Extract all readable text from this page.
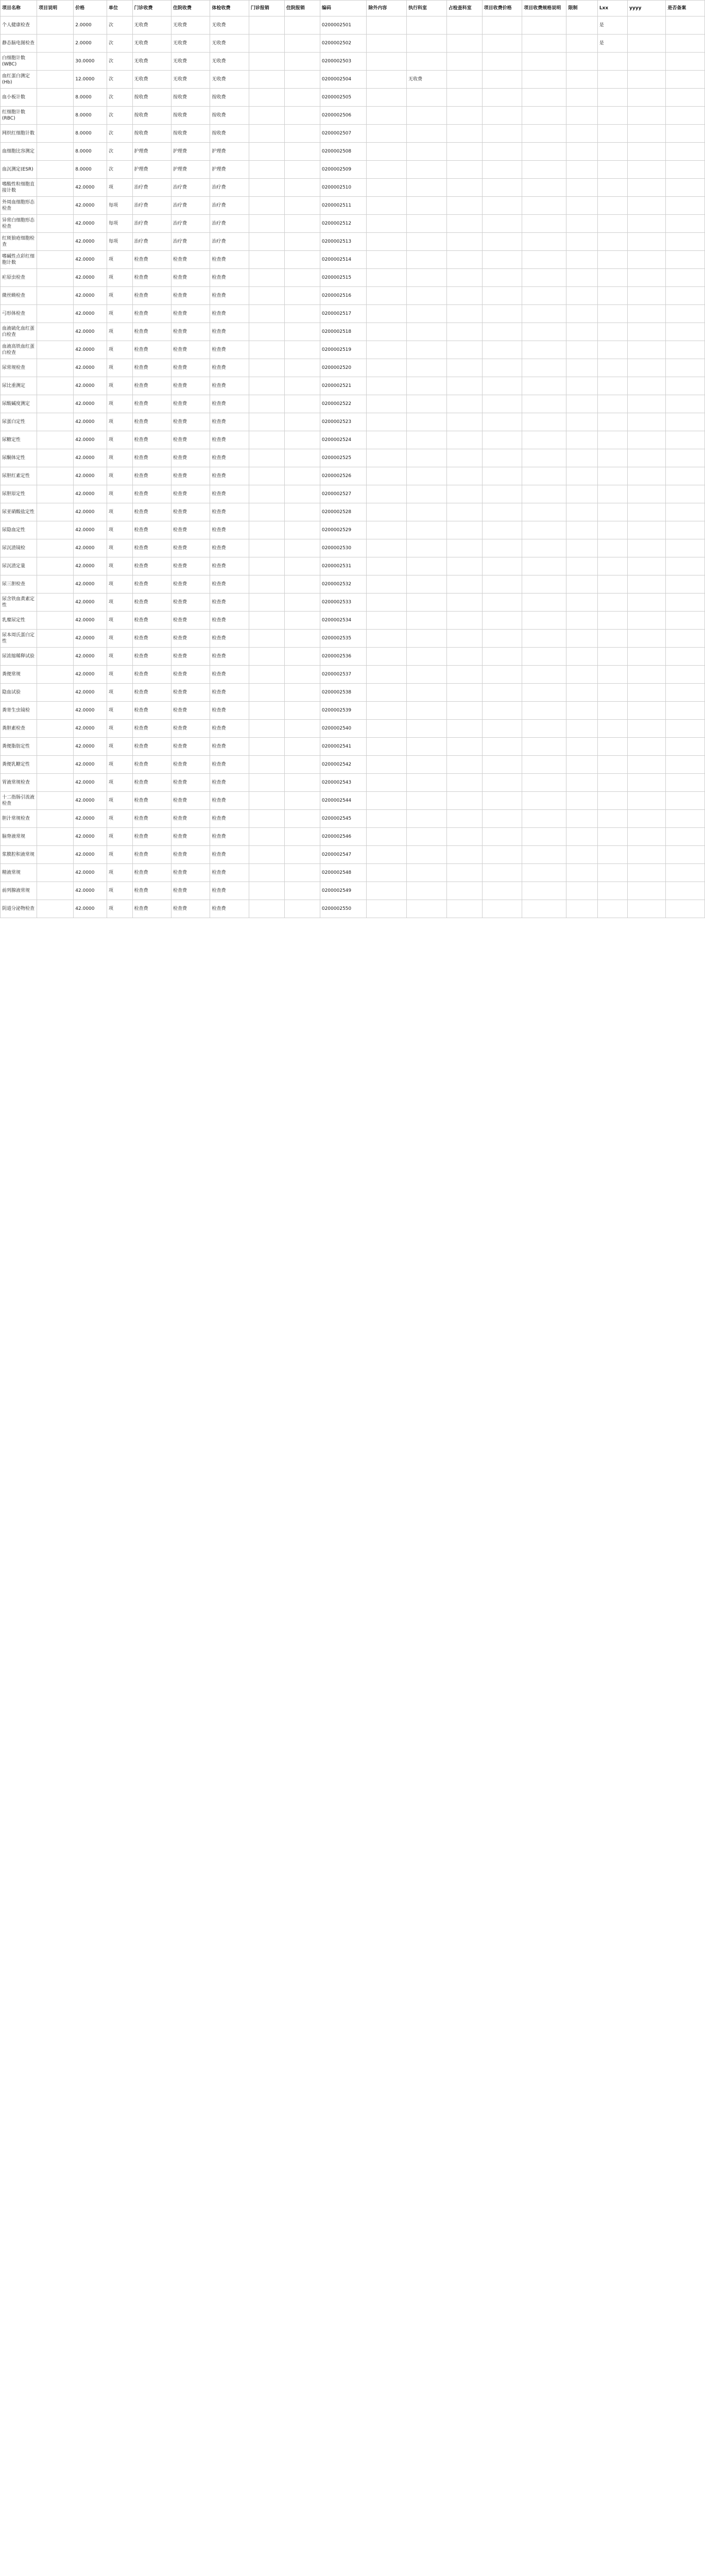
项目名称	项目说明	价格	单位	门诊收费	住院收费	体检收费	门诊报销	住院报销	编码	除外内容	执行科室	占检查科室	项目收费价格	项目收费规格说明	限制	Lxx	yyyy	是否备案
个人健康检查		2.0000	次	无收费	无收费	无收费			0200002501							是		
静态脑电图检查		2.0000	次	无收费	无收费	无收费			0200002502							是		
白细胞计数(WBC)		30.0000	次	无收费	无收费	无收费			0200002503									
血红蛋白测定(Hb)		12.0000	次	无收费	无收费	无收费			0200002504		无收费							
血小板计数		8.0000	次	按收费	按收费	按收费			0200002505									
红细胞计数(RBC)		8.0000	次	按收费	按收费	按收费			0200002506									
网织红细胞计数		8.0000	次	按收费	按收费	按收费			0200002507									
血细胞比容测定		8.0000	次	护理费	护理费	护理费			0200002508									
血沉测定(ESR)		8.0000	次	护理费	护理费	护理费			0200002509									
嗜酸性粒细胞直接计数		42.0000	项	治疗费	治疗费	治疗费			0200002510									
外周血细胞形态检查		42.0000	每项	治疗费	治疗费	治疗费			0200002511									
异常白细胞形态检查		42.0000	每项	治疗费	治疗费	治疗费			0200002512									
红斑狼疮细胞检查		42.0000	每项	治疗费	治疗费	治疗费			0200002513									
嗜碱性点彩红细胞计数		42.0000	项	检查费	检查费	检查费			0200002514									
疟原虫检查		42.0000	项	检查费	检查费	检查费			0200002515									
微丝蚴检查		42.0000	项	检查费	检查费	检查费			0200002516									
弓形体检查		42.0000	项	检查费	检查费	检查费			0200002517									
血液硫化血红蛋白检查		42.0000	项	检查费	检查费	检查费			0200002518									
血液高铁血红蛋白检查		42.0000	项	检查费	检查费	检查费			0200002519									
尿常规检查		42.0000	项	检查费	检查费	检查费			0200002520									
尿比重测定		42.0000	项	检查费	检查费	检查费			0200002521									
尿酸碱度测定		42.0000	项	检查费	检查费	检查费			0200002522									
尿蛋白定性		42.0000	项	检查费	检查费	检查费			0200002523									
尿糖定性		42.0000	项	检查费	检查费	检查费			0200002524									
尿酮体定性		42.0000	项	检查费	检查费	检查费			0200002525									
尿胆红素定性		42.0000	项	检查费	检查费	检查费			0200002526									
尿胆原定性		42.0000	项	检查费	检查费	检查费			0200002527									
尿亚硝酸盐定性		42.0000	项	检查费	检查费	检查费			0200002528									
尿隐血定性		42.0000	项	检查费	检查费	检查费			0200002529									
尿沉渣镜检		42.0000	项	检查费	检查费	检查费			0200002530									
尿沉渣定量		42.0000	项	检查费	检查费	检查费			0200002531									
尿三胆检查		42.0000	项	检查费	检查费	检查费			0200002532									
尿含铁血黄素定性		42.0000	项	检查费	检查费	检查费			0200002533									
乳糜尿定性		42.0000	项	检查费	检查费	检查费			0200002534									
尿本周氏蛋白定性		42.0000	项	检查费	检查费	检查费			0200002535									
尿浓缩稀释试验		42.0000	项	检查费	检查费	检查费			0200002536									
粪便常规		42.0000	项	检查费	检查费	检查费			0200002537									
隐血试验		42.0000	项	检查费	检查费	检查费			0200002538									
粪寄生虫镜检		42.0000	项	检查费	检查费	检查费			0200002539									
粪胆素检查		42.0000	项	检查费	检查费	检查费			0200002540									
粪便脂肪定性		42.0000	项	检查费	检查费	检查费			0200002541									
粪便乳糖定性		42.0000	项	检查费	检查费	检查费			0200002542									
胃液常规检查		42.0000	项	检查费	检查费	检查费			0200002543									
十二指肠引流液检查		42.0000	项	检查费	检查费	检查费			0200002544									
胆汁常规检查		42.0000	项	检查费	检查费	检查费			0200002545									
脑脊液常规		42.0000	项	检查费	检查费	检查费			0200002546									
浆膜腔积液常规		42.0000	项	检查费	检查费	检查费			0200002547									
精液常规		42.0000	项	检查费	检查费	检查费			0200002548									
前列腺液常规		42.0000	项	检查费	检查费	检查费			0200002549									
阴道分泌物检查		42.0000	项	检查费	检查费	检查费			0200002550									
